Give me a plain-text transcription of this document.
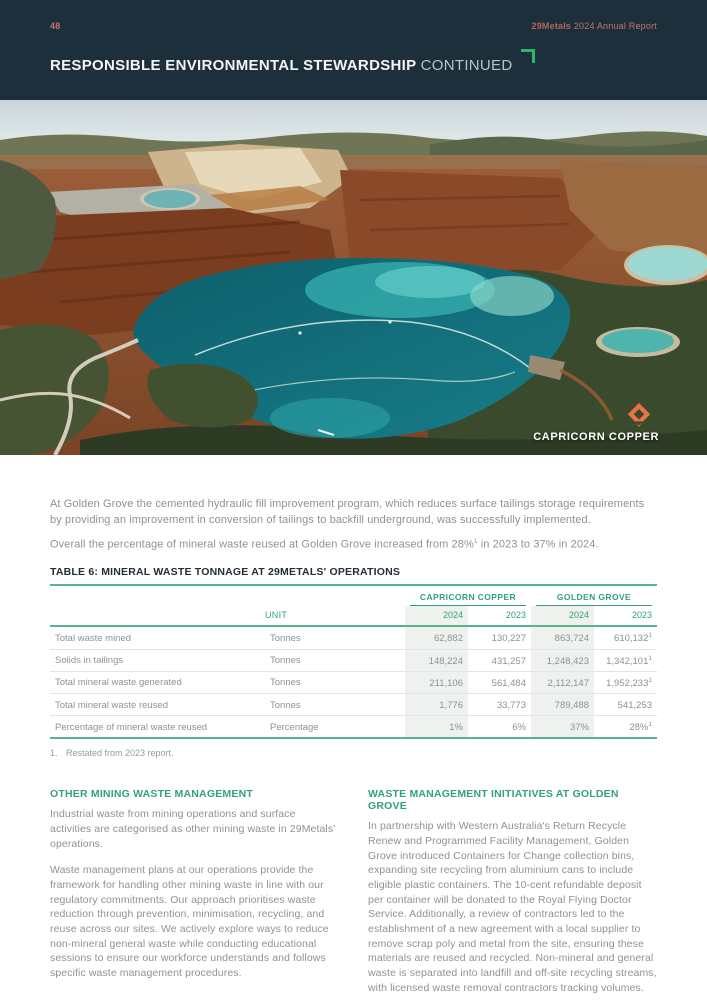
48	29Metals 2024 Annual Report
RESPONSIBLE ENVIRONMENTAL STEWARDSHIP CONTINUED
CAPRICORN COPPER

At Golden Grove the cemented hydraulic fill improvement program, which reduces surface tailings storage requirements by providing an improvement in conversion of tailings to backfill underground, was successfully implemented.

Overall the percentage of mineral waste reused at Golden Grove increased from 28%$^1$ in 2023 to 37% in 2024.

TABLE 6: MINERAL WASTE TONNAGE AT 29METALS' OPERATIONS

		CAPRICORN COPPER		GOLDEN GROVE	

	UNIT	2024	2023	2024	2023
Total waste mined	Tonnes	62,882	130,227	863,724	610,132$^1$
Solids in tailings	Tonnes	148,224	431,257	1,248,423	1,342,101$^1$
Total mineral waste generated	Tonnes	211,106	561,484	2,112,147	1,952,233$^1$
Total mineral waste reused	Tonnes	1,776	33,773	789,488	541,253
Percentage of mineral waste reused	Percentage	1%	6%	37%	28%$^1$
1. Restated from 2023 report.
OTHER MINING WASTE MANAGEMENT

Industrial waste from mining operations and surface activities are categorised as other mining waste in 29Metals' operations.

Waste management plans at our operations provide the framework for handling other mining waste in line with our regulatory commitments. Our approach prioritises waste reduction through prevention, minimisation, recycling, and reuse across our sites. We actively explore ways to reduce non-mineral general waste while conducting educational sessions to ensure our workforce understands and follows specific waste management procedures.

WASTE MANAGEMENT INITIATIVES AT GOLDEN GROVE

In partnership with Western Australia's Return Recycle Renew and Programmed Facility Management, Golden Grove introduced Containers for Change collection bins, expanding site recycling from aluminium cans to include eligible plastic containers. The 10-cent refundable deposit per container will be donated to the Royal Flying Doctor Service. Additionally, a review of contractors led to the establishment of a new agreement with a local supplier to remove scrap poly and metal from the site, ensuring these materials are reused and recycled. Non-mineral and general waste is separated into landfill and off-site recycling streams, with licensed waste removal contractors tracking volumes.
